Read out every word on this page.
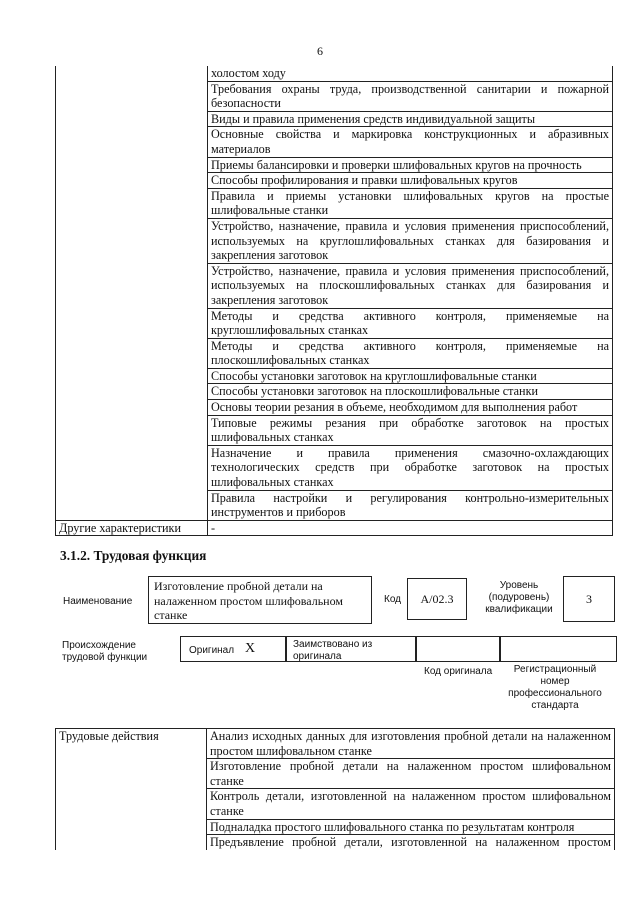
6
	холостом ходу
	Требования охраны труда, производственной санитарии и пожарной безопасности
	Виды и правила применения средств индивидуальной защиты
	Основные свойства и маркировка конструкционных и абразивных материалов
	Приемы балансировки и проверки шлифовальных кругов на прочность
	Способы профилирования и правки шлифовальных кругов
	Правила и приемы установки шлифовальных кругов на простые шлифовальные станки
	Устройство, назначение, правила и условия применения приспособлений, используемых на круглошлифовальных станках для базирования и закрепления заготовок
	Устройство, назначение, правила и условия применения приспособлений, используемых на плоскошлифовальных станках для базирования и закрепления заготовок
	Методы и средства активного контроля, применяемые на круглошлифовальных станках
	Методы и средства активного контроля, применяемые на плоскошлифовальных станках
	Способы установки заготовок на круглошлифовальные станки
	Способы установки заготовок на плоскошлифовальные станки
	Основы теории резания в объеме, необходимом для выполнения работ
	Типовые режимы резания при обработке заготовок на простых шлифовальных станках
	Назначение и правила применения смазочно-охлаждающих технологических средств при обработке заготовок на простых шлифовальных станках
	Правила настройки и регулирования контрольно-измерительных инструментов и приборов
Другие характеристики	-
3.1.2. Трудовая функция
Наименование
Изготовление пробной детали на налаженном простом шлифовальном станке
Код	А/02.3
Уровень (подуровень) квалификации
3
Происхождение трудовой функции
Оригинал X	Заимствовано из оригинала
Код оригинала	Регистрационный номер профессионального стандарта
Трудовые действия	Анализ исходных данных для изготовления пробной детали на налаженном простом шлифовальном станке
Изготовление пробной детали на налаженном простом шлифовальном станке
Контроль детали, изготовленной на налаженном простом шлифовальном станке
Подналадка простого шлифовального станка по результатам контроля
Предъявление пробной детали, изготовленной на налаженном простом
